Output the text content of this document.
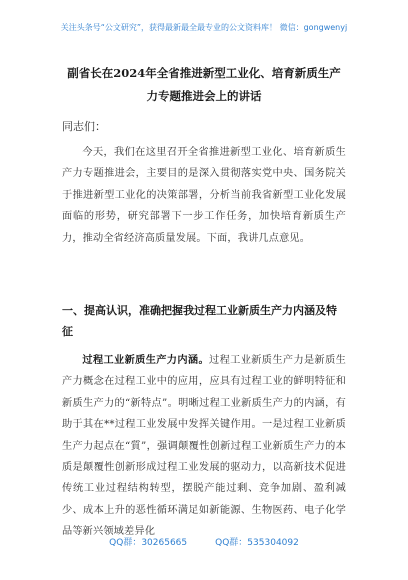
关注头条号“公文研究”，获得最新最全最专业的公文资料库！ 微信：gongwenyj
副省长在2024年全省推进新型工业化、培育新质生产力专题推进会上的讲话
同志们：
今天，我们在这里召开全省推进新型工业化、培育新质生产力专题推进会，主要目的是深入贯彻落实党中央、国务院关于推进新型工业化的决策部署，分析当前我省新型工业化发展面临的形势，研究部署下一步工作任务，加快培育新质生产力，推动全省经济高质量发展。下面，我讲几点意见。
一、提高认识，准确把握我过程工业新质生产力内涵及特征
过程工业新质生产力内涵。过程工业新质生产力是新质生产力概念在过程工业中的应用，应具有过程工业的鲜明特征和新质生产力的“新特点”。明晰过程工业新质生产力的内涵，有助于其在**过程工业发展中发挥关键作用。一是过程工业新质生产力起点在“質”，强调颠覆性创新过程工业新质生产力的本质是颠覆性创新形成过程工业发展的驱动力，以高新技术促进传统工业过程结构转型，摆脱产能过剩、竞争加剧、盈利减少、成本上升的恶性循环满足如新能源、生物医药、电子化学品等新兴领域差异化
QQ群：30265665	QQ群：535304092
